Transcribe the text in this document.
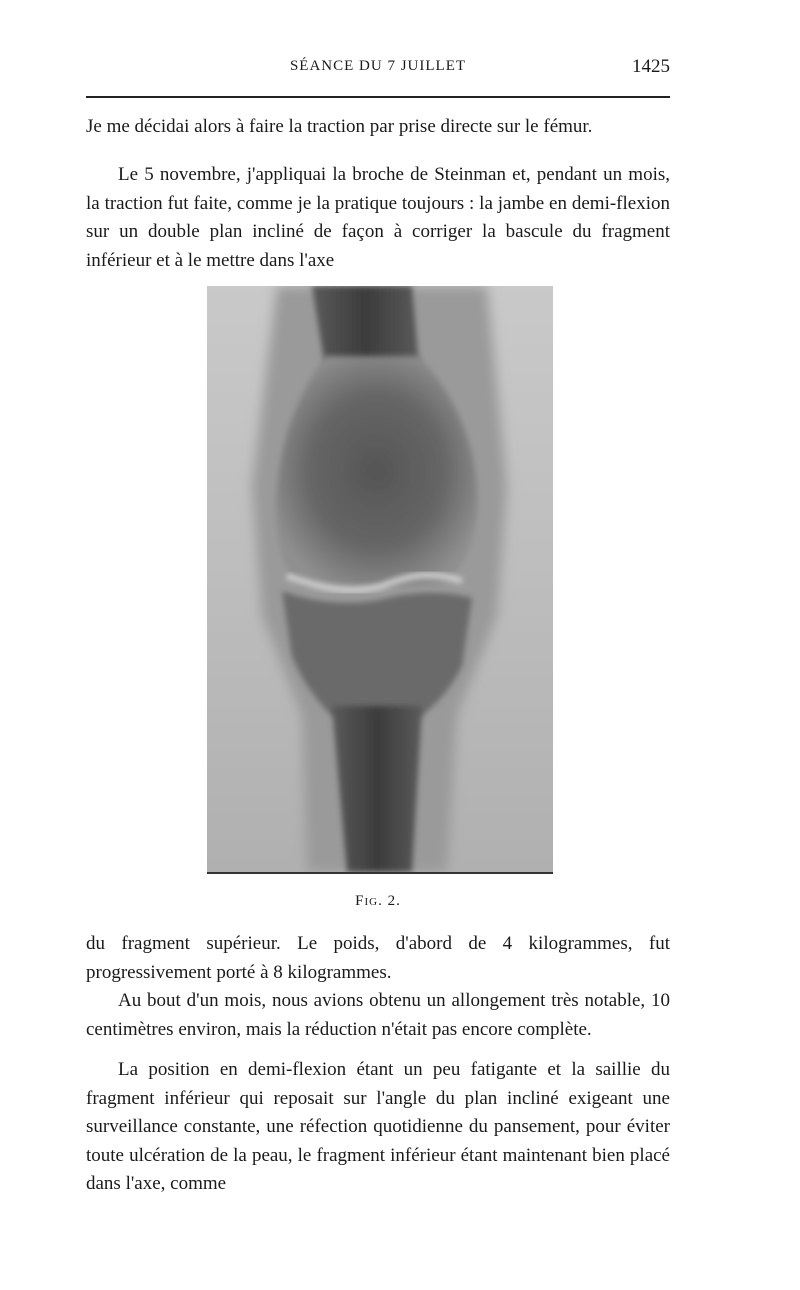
SÉANCE DU 7 JUILLET	1425

Je me décidai alors à faire la traction par prise directe sur le fémur.

Le 5 novembre, j'appliquai la broche de Steinman et, pendant un mois, la traction fut faite, comme je la pratique toujours : la jambe en demi-flexion sur un double plan incliné de façon à corriger la bascule du fragment inférieur et à le mettre dans l'axe

Fig. 2.

du fragment supérieur. Le poids, d'abord de 4 kilogrammes, fut progressivement porté à 8 kilogrammes.

Au bout d'un mois, nous avions obtenu un allongement très notable, 10 centimètres environ, mais la réduction n'était pas encore complète.

La position en demi-flexion étant un peu fatigante et la saillie du fragment inférieur qui reposait sur l'angle du plan incliné exigeant une surveillance constante, une réfection quotidienne du pansement, pour éviter toute ulcération de la peau, le fragment inférieur étant maintenant bien placé dans l'axe, comme
